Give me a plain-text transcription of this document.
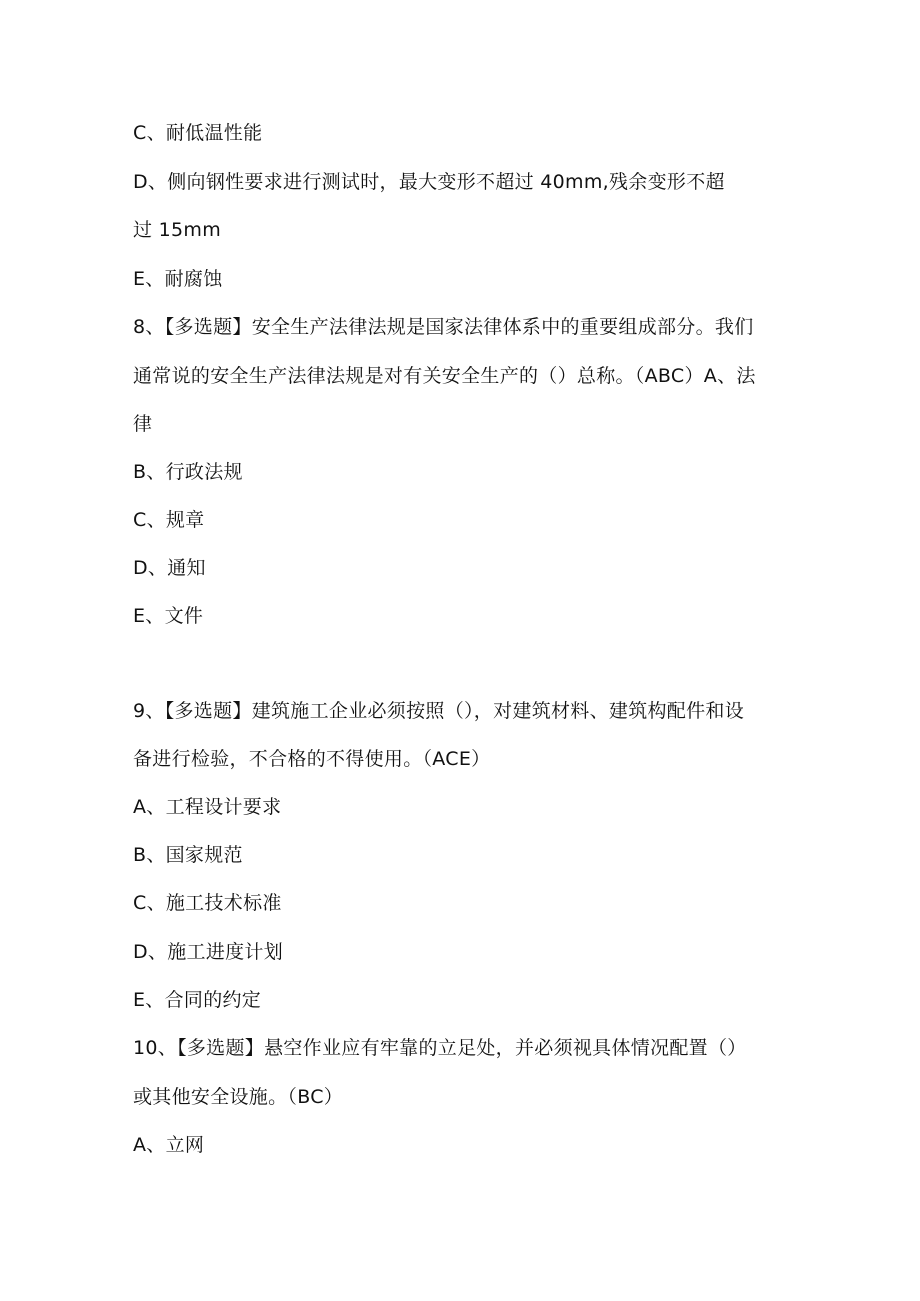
C、耐低温性能
D、侧向钢性要求进行测试时，最大变形不超过 40mm,残余变形不超
过 15mm
E、耐腐蚀
8、【多选题】安全生产法律法规是国家法律体系中的重要组成部分。我们
通常说的安全生产法律法规是对有关安全生产的（）总称。（ABC）A、法
律
B、行政法规
C、规章
D、通知
E、文件
9、【多选题】建筑施工企业必须按照（），对建筑材料、建筑构配件和设
备进行检验，不合格的不得使用。（ACE）
A、工程设计要求
B、国家规范
C、施工技术标准
D、施工进度计划
E、合同的约定
10、【多选题】悬空作业应有牢靠的立足处，并必须视具体情况配置（）
或其他安全设施。（BC）
A、立网
